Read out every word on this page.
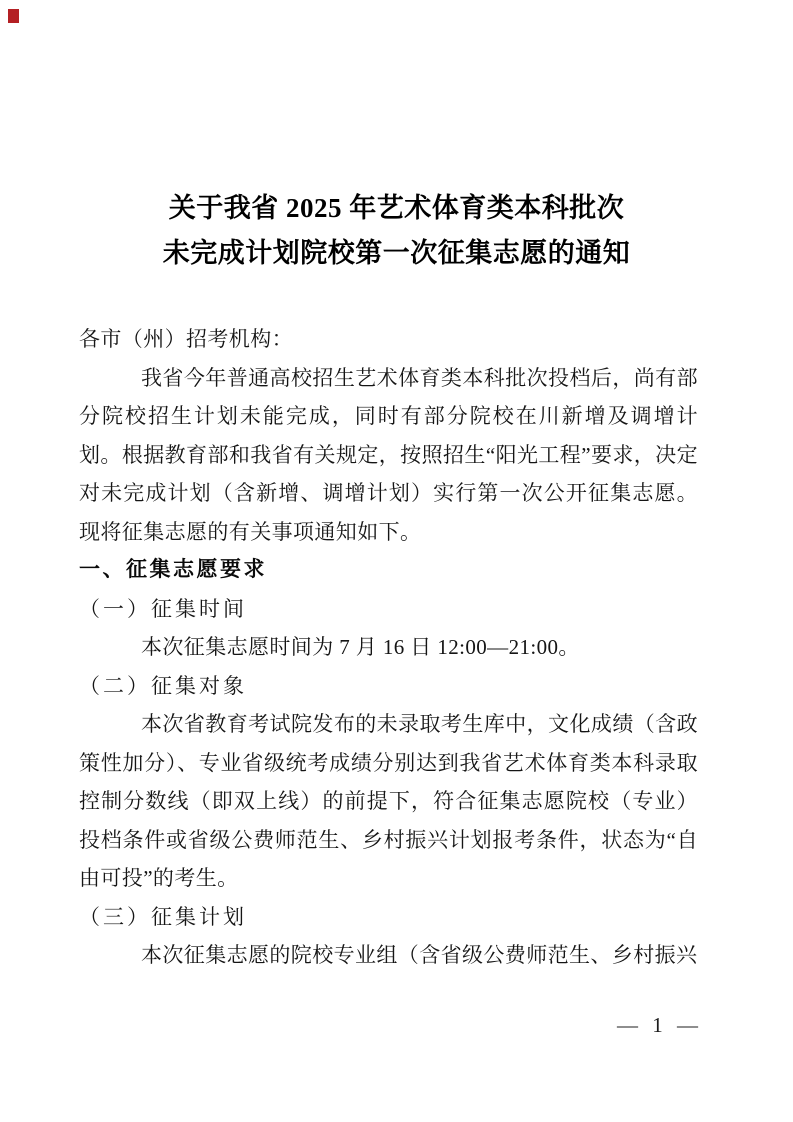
关于我省 2025 年艺术体育类本科批次
未完成计划院校第一次征集志愿的通知

各市（州）招考机构：

我省今年普通高校招生艺术体育类本科批次投档后，尚有部分院校招生计划未能完成，同时有部分院校在川新增及调增计划。根据教育部和我省有关规定，按照招生“阳光工程”要求，决定对未完成计划（含新增、调增计划）实行第一次公开征集志愿。现将征集志愿的有关事项通知如下。

一、征集志愿要求

（一）征集时间

本次征集志愿时间为 7 月 16 日 12:00—21:00。

（二）征集对象

本次省教育考试院发布的未录取考生库中，文化成绩（含政策性加分）、专业省级统考成绩分别达到我省艺术体育类本科录取控制分数线（即双上线）的前提下，符合征集志愿院校（专业）投档条件或省级公费师范生、乡村振兴计划报考条件，状态为“自由可投”的考生。

（三）征集计划

本次征集志愿的院校专业组（含省级公费师范生、乡村振兴

— 1 —
